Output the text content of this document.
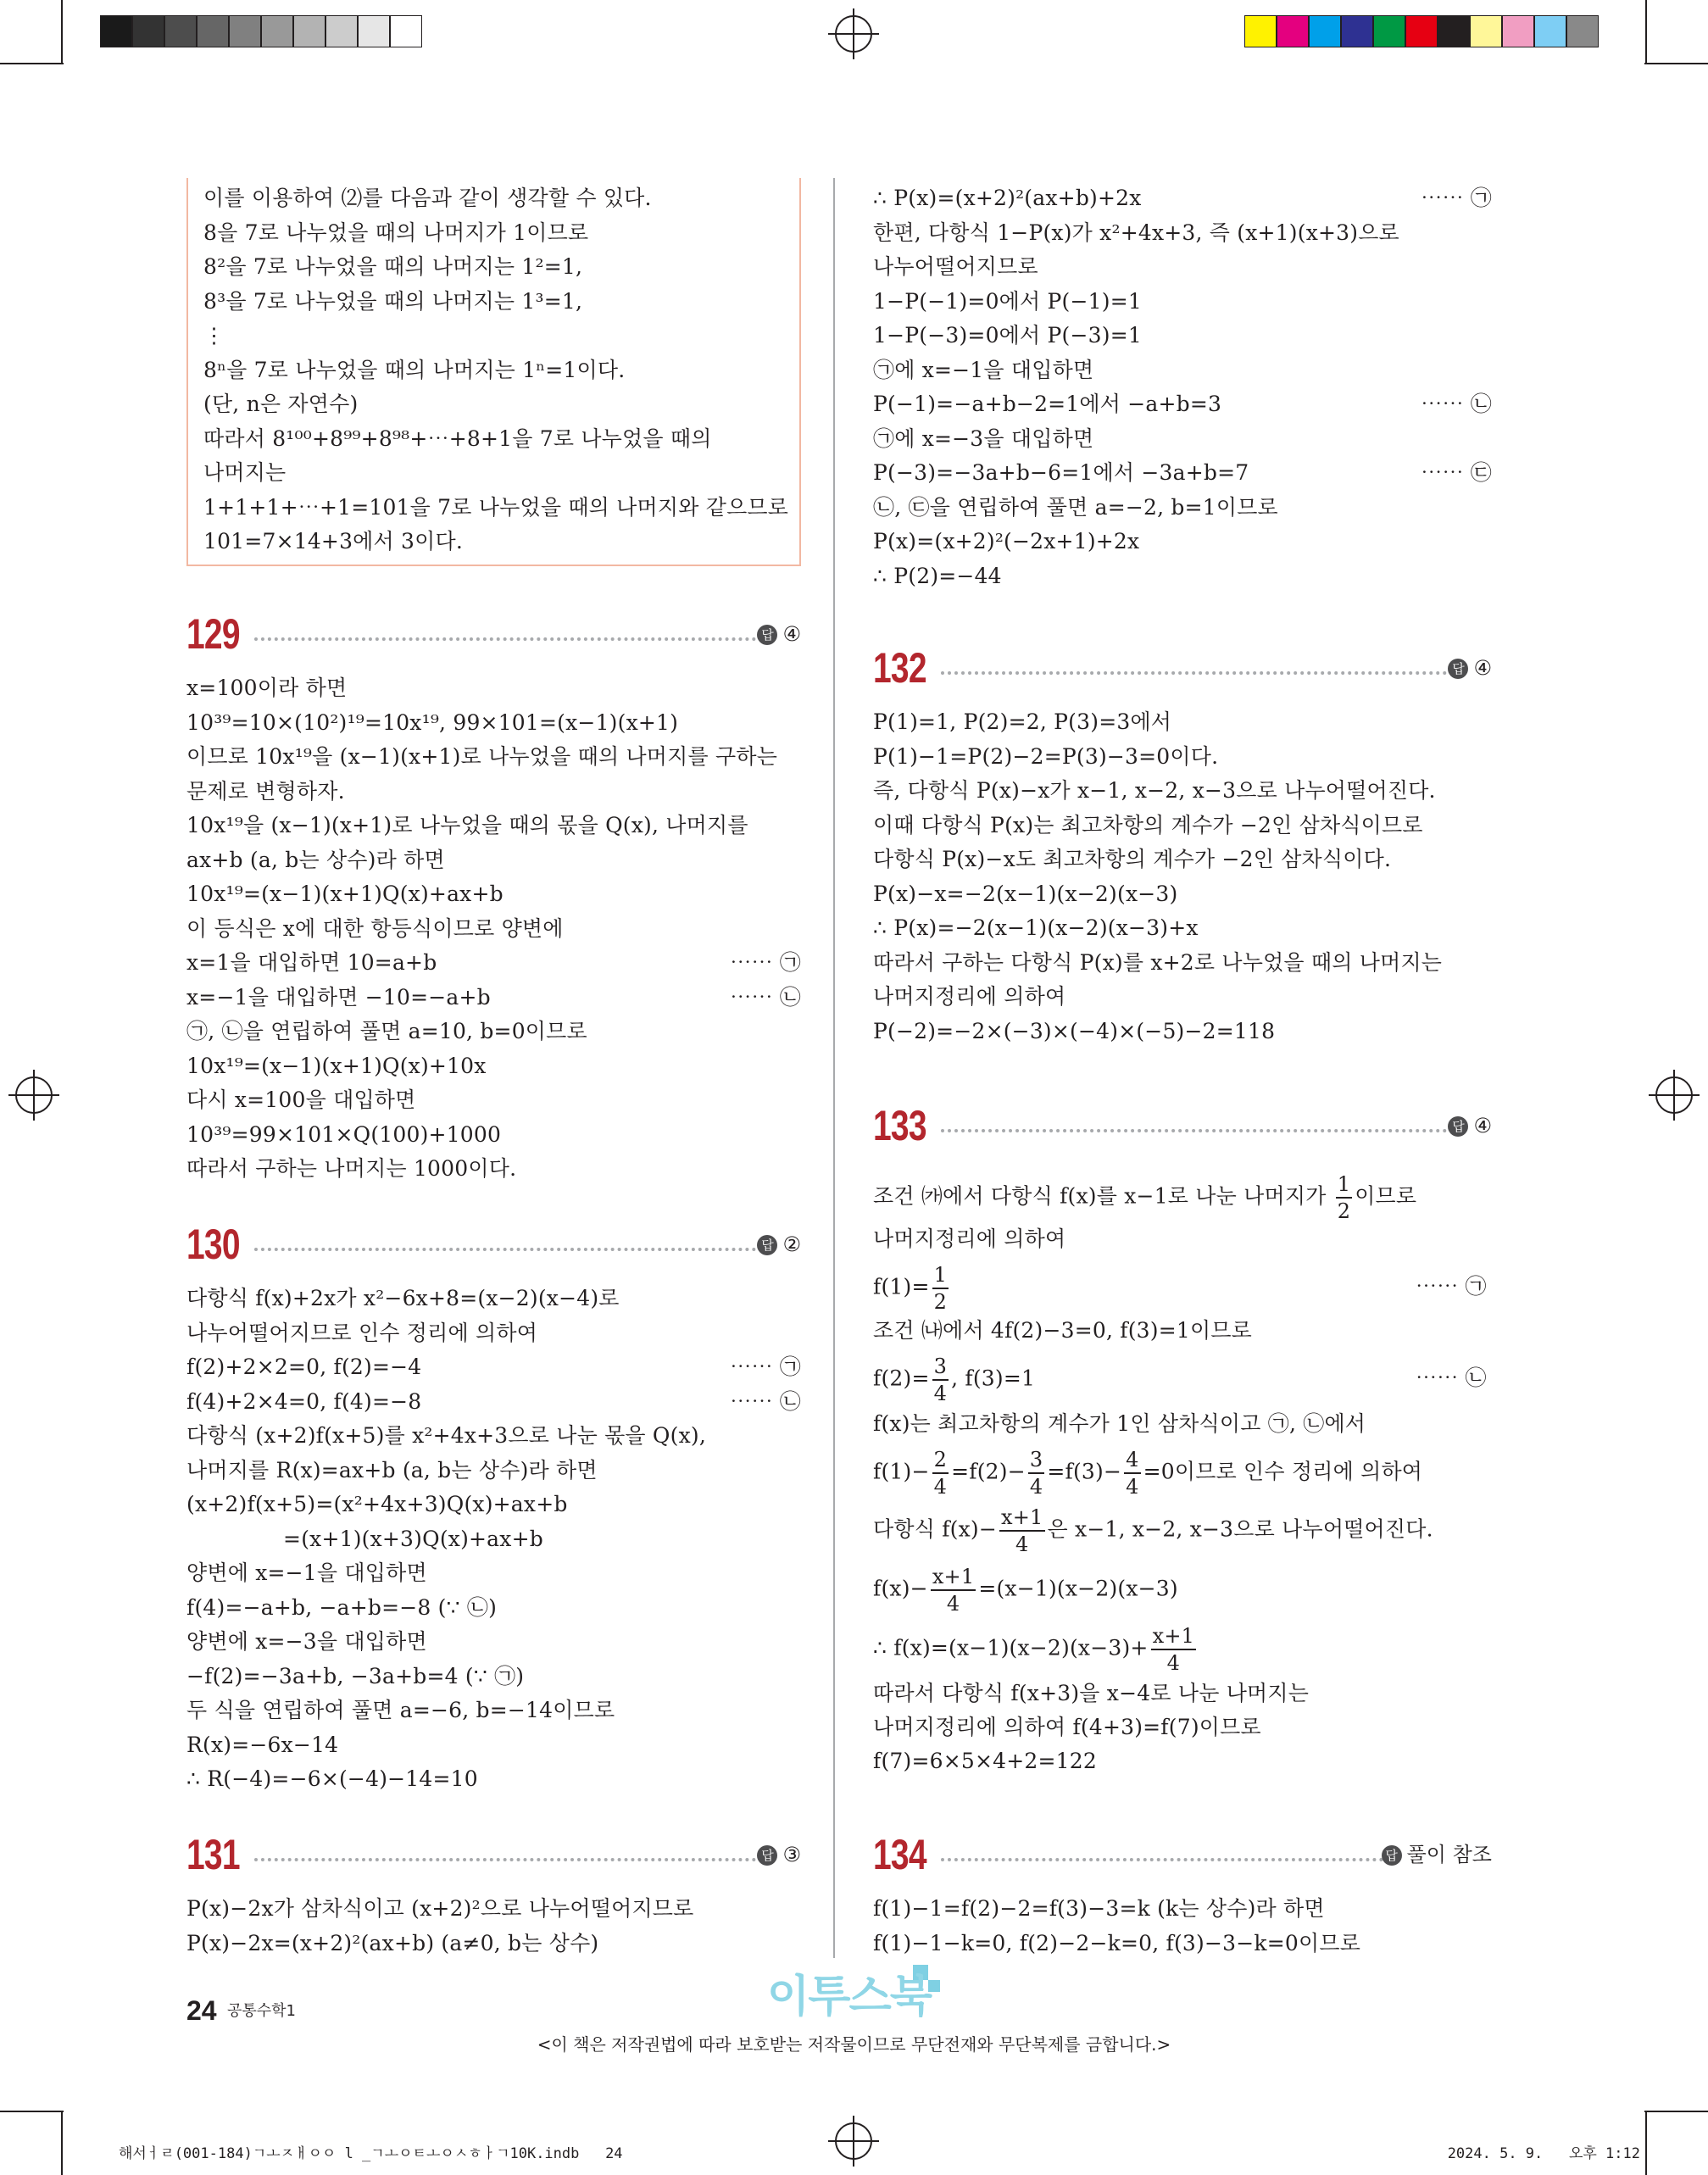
이를 이용하여 ⑵를 다음과 같이 생각할 수 있다.
8을 7로 나누었을 때의 나머지가 1이므로
8²을 7로 나누었을 때의 나머지는 1²=1,
8³을 7로 나누었을 때의 나머지는 1³=1,
⋮
8ⁿ을 7로 나누었을 때의 나머지는 1ⁿ=1이다.
(단, n은 자연수)
따라서 8¹⁰⁰+8⁹⁹+8⁹⁸+⋯+8+1을 7로 나누었을 때의
나머지는
1+1+1+⋯+1=101을 7로 나누었을 때의 나머지와 같으므로
101=7×14+3에서 3이다.
129	답 ④
x=100이라 하면
10³⁹=10×(10²)¹⁹=10x¹⁹, 99×101=(x−1)(x+1)
이므로 10x¹⁹을 (x−1)(x+1)로 나누었을 때의 나머지를 구하는
문제로 변형하자.
10x¹⁹을 (x−1)(x+1)로 나누었을 때의 몫을 Q(x), 나머지를
ax+b (a, b는 상수)라 하면
10x¹⁹=(x−1)(x+1)Q(x)+ax+b
이 등식은 x에 대한 항등식이므로 양변에
x=1을 대입하면 10=a+b	⋯⋯ ㉠
x=−1을 대입하면 −10=−a+b	⋯⋯ ㉡
㉠, ㉡을 연립하여 풀면 a=10, b=0이므로
10x¹⁹=(x−1)(x+1)Q(x)+10x
다시 x=100을 대입하면
10³⁹=99×101×Q(100)+1000
따라서 구하는 나머지는 1000이다.
130	답 ②
다항식 f(x)+2x가 x²−6x+8=(x−2)(x−4)로
나누어떨어지므로 인수 정리에 의하여
f(2)+2×2=0, f(2)=−4	⋯⋯ ㉠
f(4)+2×4=0, f(4)=−8	⋯⋯ ㉡
다항식 (x+2)f(x+5)를 x²+4x+3으로 나눈 몫을 Q(x),
나머지를 R(x)=ax+b (a, b는 상수)라 하면
(x+2)f(x+5)=(x²+4x+3)Q(x)+ax+b
=(x+1)(x+3)Q(x)+ax+b
양변에 x=−1을 대입하면
f(4)=−a+b, −a+b=−8 (∵ ㉡)
양변에 x=−3을 대입하면
−f(2)=−3a+b, −3a+b=4 (∵ ㉠)
두 식을 연립하여 풀면 a=−6, b=−14이므로
R(x)=−6x−14
∴ R(−4)=−6×(−4)−14=10
131	답 ③
P(x)−2x가 삼차식이고 (x+2)²으로 나누어떨어지므로
P(x)−2x=(x+2)²(ax+b) (a≠0, b는 상수)
∴ P(x)=(x+2)²(ax+b)+2x	⋯⋯ ㉠
한편, 다항식 1−P(x)가 x²+4x+3, 즉 (x+1)(x+3)으로
나누어떨어지므로
1−P(−1)=0에서 P(−1)=1
1−P(−3)=0에서 P(−3)=1
㉠에 x=−1을 대입하면
P(−1)=−a+b−2=1에서 −a+b=3	⋯⋯ ㉡
㉠에 x=−3을 대입하면
P(−3)=−3a+b−6=1에서 −3a+b=7	⋯⋯ ㉢
㉡, ㉢을 연립하여 풀면 a=−2, b=1이므로
P(x)=(x+2)²(−2x+1)+2x
∴ P(2)=−44
132	답 ④
P(1)=1, P(2)=2, P(3)=3에서
P(1)−1=P(2)−2=P(3)−3=0이다.
즉, 다항식 P(x)−x가 x−1, x−2, x−3으로 나누어떨어진다.
이때 다항식 P(x)는 최고차항의 계수가 −2인 삼차식이므로
다항식 P(x)−x도 최고차항의 계수가 −2인 삼차식이다.
P(x)−x=−2(x−1)(x−2)(x−3)
∴ P(x)=−2(x−1)(x−2)(x−3)+x
따라서 구하는 다항식 P(x)를 x+2로 나누었을 때의 나머지는
나머지정리에 의하여
P(−2)=−2×(−3)×(−4)×(−5)−2=118
133	답 ④
조건 ㈎에서 다항식 f(x)를 x−1로 나눈 나머지가 $\frac{1}{2}$ 이므로
나머지정리에 의하여
$f(1)= \frac{1}{2}$	⋯⋯ ㉠
조건 ㈏에서 4f(2)−3=0, f(3)=1이므로
$f(2)= \frac{3}{4}$ , f(3)=1	⋯⋯ ㉡
f(x)는 최고차항의 계수가 1인 삼차식이고 ㉠, ㉡에서
$f(1)- \frac{2}{4} =f(2)- \frac{3}{4} =f(3)- \frac{4}{4} =0$이므로 인수 정리에 의하여
다항식 $f(x)- \frac{x+1}{4}$ 은 x−1, x−2, x−3으로 나누어떨어진다.
$f(x)- \frac{x+1}{4} =(x-1)(x-2)(x-3)$
∴ $f(x)=(x-1)(x-2)(x-3)+ \frac{x+1}{4}$
따라서 다항식 f(x+3)을 x−4로 나눈 나머지는
나머지정리에 의하여 f(4+3)=f(7)이므로
f(7)=6×5×4+2=122
134	답 풀이 참조
f(1)−1=f(2)−2=f(3)−3=k (k는 상수)라 하면
f(1)−1−k=0, f(2)−2−k=0, f(3)−3−k=0이므로
24 공통수학1	이투스북
<이 책은 저작권법에 따라 보호받는 저작물이므로 무단전재와 무단복제를 금합니다.>
해서ㅓㄹ(001-184)ㄱㅗㅈㅐㅇㅇ l _ㄱㅗㅇㅌㅗㅇㅅㅎㅏㄱ10K.indb   24	2024. 5. 9.   오후 1:12
